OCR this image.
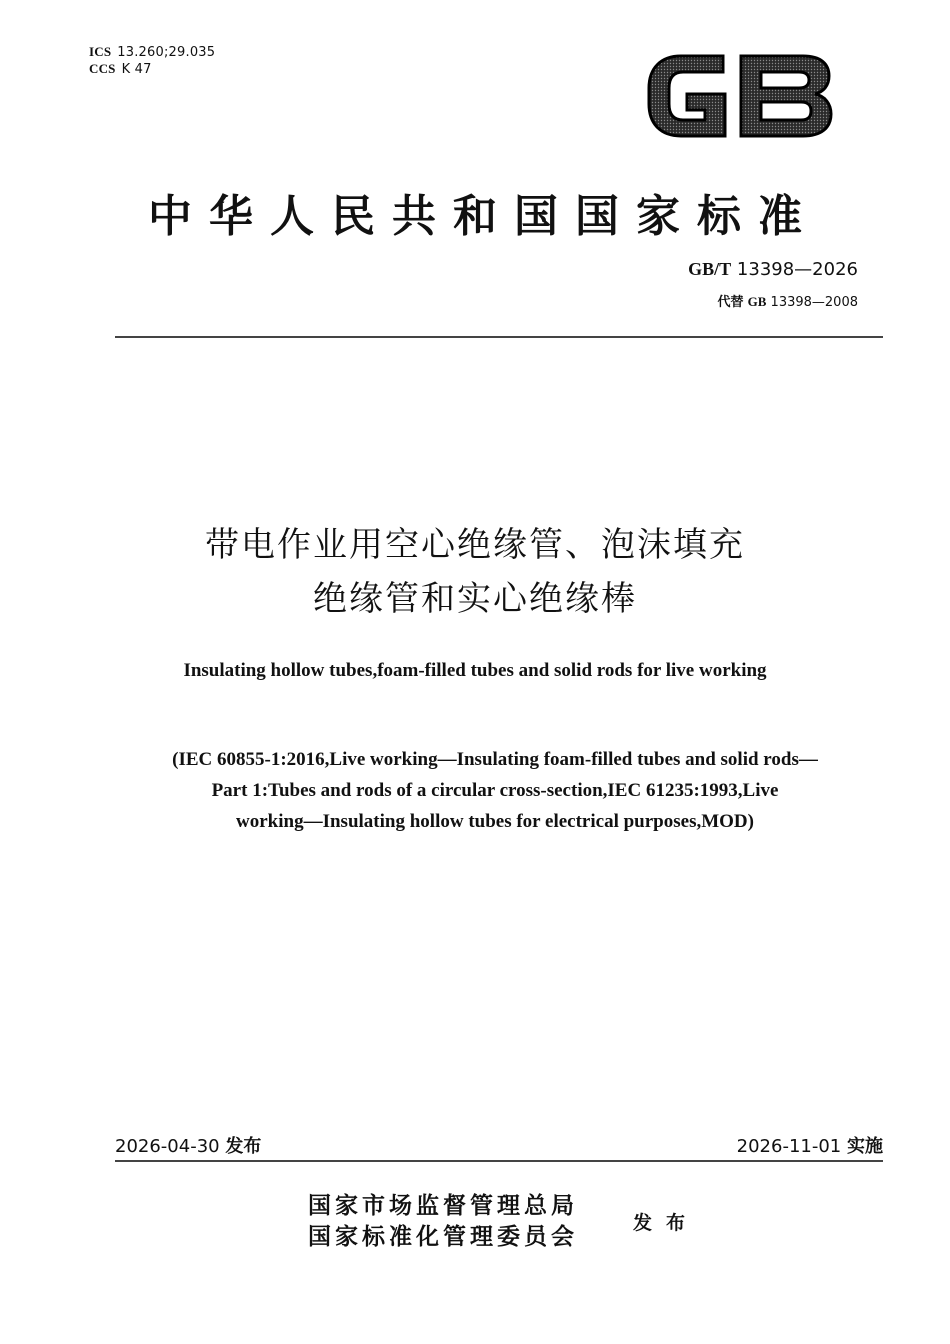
ICS 13.260;29.035
CCS K 47
GB
中华人民共和国国家标准
GB/T 13398—2026
代替 GB 13398—2008
带电作业用空心绝缘管、泡沫填充
绝缘管和实心绝缘棒
Insulating hollow tubes,foam-filled tubes and solid rods for live working
(IEC 60855-1:2016,Live working—Insulating foam-filled tubes and solid rods—
Part 1:Tubes and rods of a circular cross-section,IEC 61235:1993,Live
working—Insulating hollow tubes for electrical purposes,MOD)
2026-04-30 发布	2026-11-01 实施
国家市场监督管理总局
国家标准化管理委员会	发布
